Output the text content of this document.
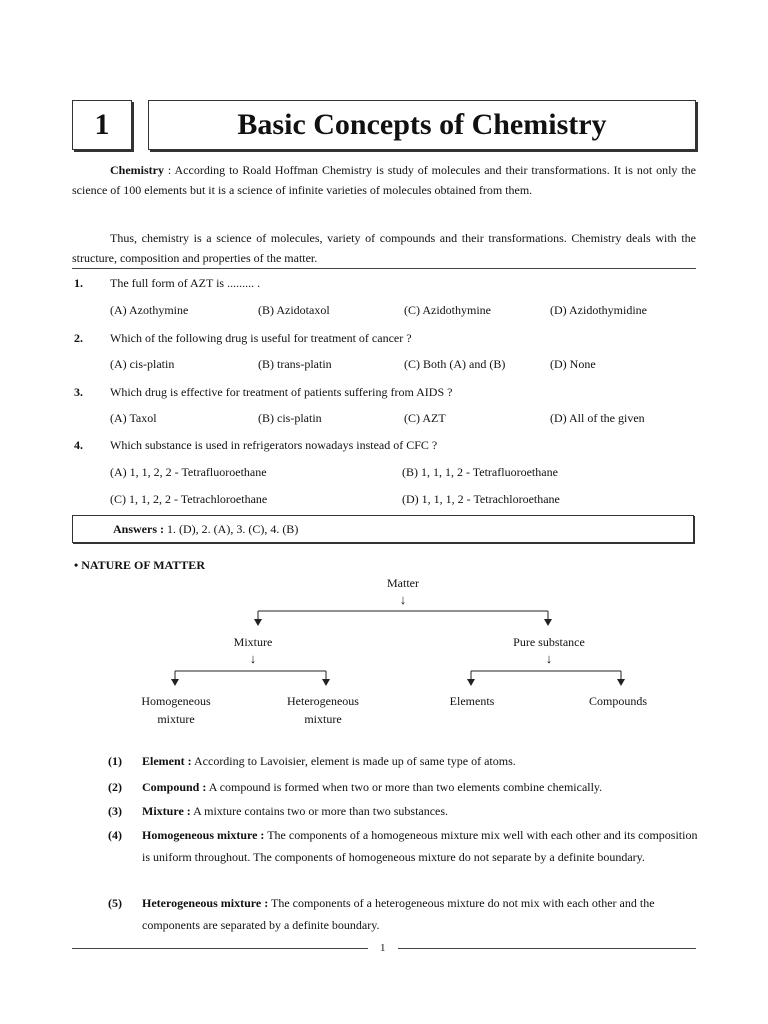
1	Basic Concepts of Chemistry

Chemistry : According to Roald Hoffman Chemistry is study of molecules and their transformations. It is not only the science of 100 elements but it is a science of infinite varieties of molecules obtained from them.

Thus, chemistry is a science of molecules, variety of compounds and their transformations. Chemistry deals with the structure, composition and properties of the matter.

1. The full form of AZT is ......... .
(A) Azothymine	(B) Azidotaxol	(C) Azidothymine	(D) Azidothymidine
2. Which of the following drug is useful for treatment of cancer ?
(A) cis-platin	(B) trans-platin	(C) Both (A) and (B)	(D) None
3. Which drug is effective for treatment of patients suffering from AIDS ?
(A) Taxol	(B) cis-platin	(C) AZT	(D) All of the given
4. Which substance is used in refrigerators nowadays instead of CFC ?
(A) 1, 1, 2, 2 - Tetrafluoroethane	(B) 1, 1, 1, 2 - Tetrafluoroethane
(C) 1, 1, 2, 2 - Tetrachloroethane	(D) 1, 1, 1, 2 - Tetrachloroethane
Answers : 1. (D), 2. (A), 3. (C), 4. (B)
• NATURE OF MATTER
Matter
↓
Mixture
↓
Pure substance
↓
Homogeneous
mixture
Heterogeneous
mixture
Elements	Compounds
(1) Element : According to Lavoisier, element is made up of same type of atoms.
(2) Compound : A compound is formed when two or more than two elements combine chemically.
(3) Mixture : A mixture contains two or more than two substances.
(4) Homogeneous mixture : The components of a homogeneous mixture mix well with each other and its composition is uniform throughout. The components of homogeneous mixture do not separate by a definite boundary.
(5) Heterogeneous mixture : The components of a heterogeneous mixture do not mix with each other and the components are separated by a definite boundary.
1
